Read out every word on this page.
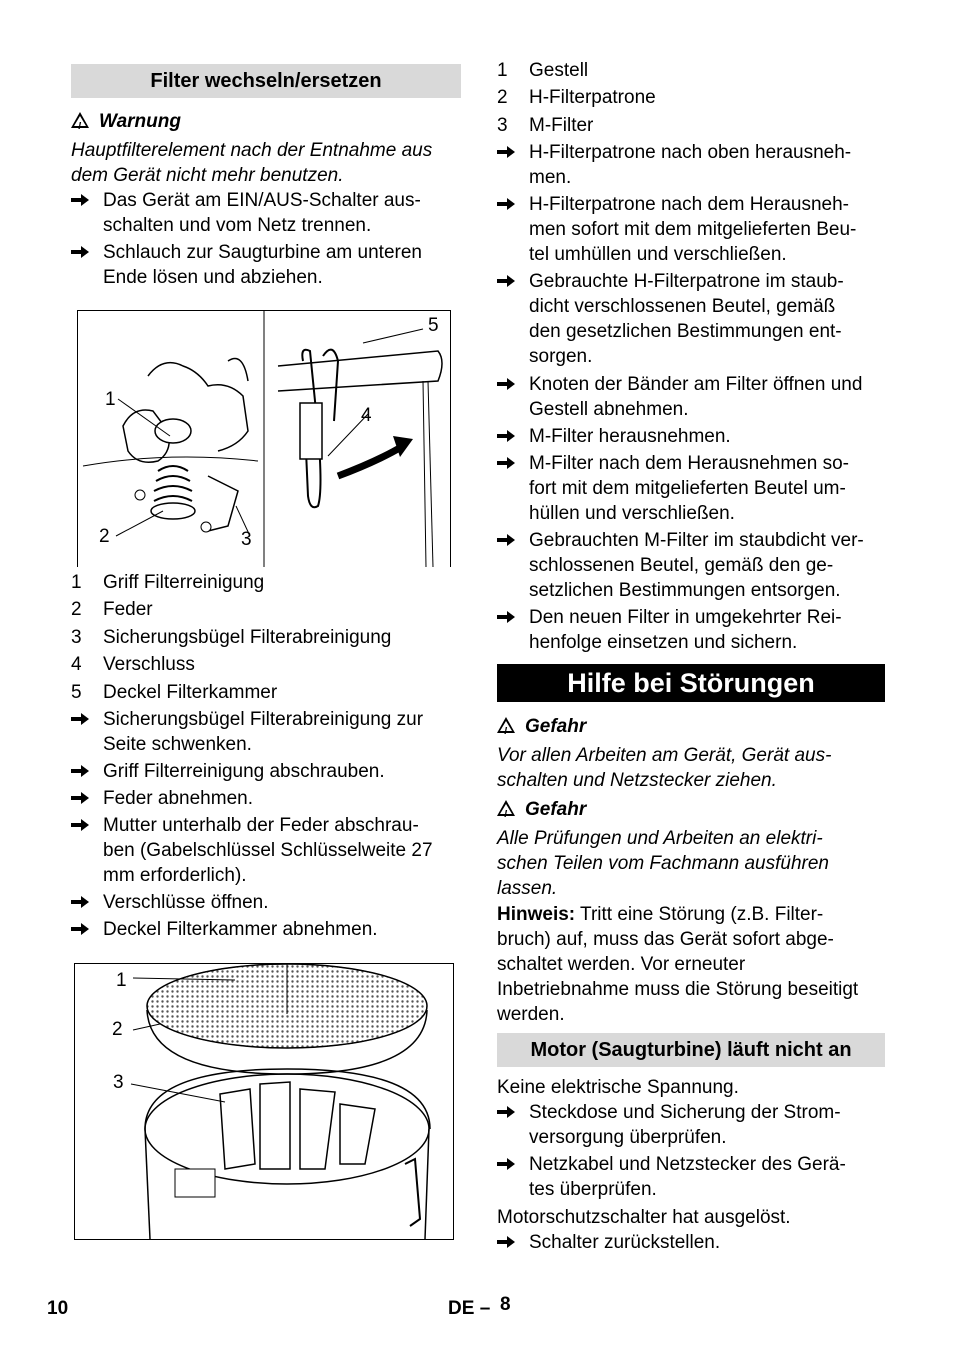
Filter wechseln/ersetzen
!Warnung
Hauptfilterelement nach der Entnahme aus
dem Gerät nicht mehr benutzen.
Das Gerät am EIN/AUS-Schalter aus-
schalten und vom Netz trennen.
Schlauch zur Saugturbine am unteren
Ende lösen und abziehen.
1
2	3
4
5
1 Griff Filterreinigung
2 Feder
3 Sicherungsbügel Filterabreinigung
4 Verschluss
5 Deckel Filterkammer
Sicherungsbügel Filterabreinigung zur
Seite schwenken.
Griff Filterreinigung abschrauben.
Feder abnehmen.
Mutter unterhalb der Feder abschrau-
ben (Gabelschlüssel Schlüsselweite 27
mm erforderlich).
Verschlüsse öffnen.
Deckel Filterkammer abnehmen.
1
2
3
1 Gestell
2 H-Filterpatrone
3 M-Filter
H-Filterpatrone nach oben herausneh-
men.
H-Filterpatrone nach dem Herausneh-
men sofort mit dem mitgelieferten Beu-
tel umhüllen und verschließen.
Gebrauchte H-Filterpatrone im staub-
dicht verschlossenen Beutel, gemäß
den gesetzlichen Bestimmungen ent-
sorgen.
Knoten der Bänder am Filter öffnen und
Gestell abnehmen.
M-Filter herausnehmen.
M-Filter nach dem Herausnehmen so-
fort mit dem mitgelieferten Beutel um-
hüllen und verschließen.
Gebrauchten M-Filter im staubdicht ver-
schlossenen Beutel, gemäß den ge-
setzlichen Bestimmungen entsorgen.
Den neuen Filter in umgekehrter Rei-
henfolge einsetzen und sichern.
Hilfe bei Störungen
!Gefahr
Vor allen Arbeiten am Gerät, Gerät aus-
schalten und Netzstecker ziehen.
!Gefahr
Alle Prüfungen und Arbeiten an elektri-
schen Teilen vom Fachmann ausführen
lassen.
Hinweis: Tritt eine Störung (z.B. Filter-
bruch) auf, muss das Gerät sofort abge-
schaltet werden. Vor erneuter
Inbetriebnahme muss die Störung beseitigt
werden.
Motor (Saugturbine) läuft nicht an
Keine elektrische Spannung.
Steckdose und Sicherung der Strom-
versorgung überprüfen.
Netzkabel und Netzstecker des Gerä-
tes überprüfen.
Motorschutzschalter hat ausgelöst.
Schalter zurückstellen.
10	DE – 8
